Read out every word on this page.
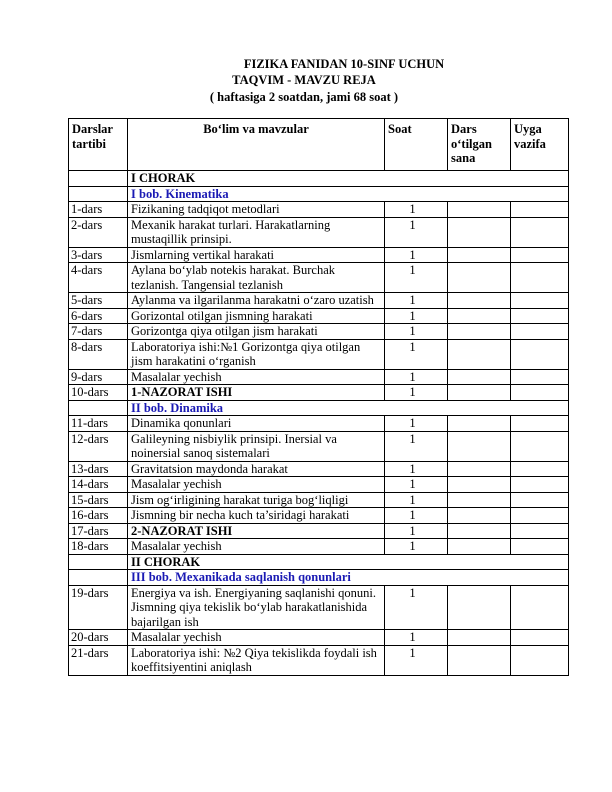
FIZIKA FANIDAN 10-SINF UCHUN
TAQVIM - MAVZU REJA
( haftasiga 2 soatdan, jami 68 soat )
Darslar tartibi	Bo‘lim va mavzular	Soat	Dars o‘tilgan sana	Uyga vazifa
	I CHORAK			
	I bob. Kinematika			
1-dars	Fizikaning tadqiqot metodlari	1		
2-dars	Mexanik harakat turlari. Harakatlarning mustaqillik prinsipi.	1		
3-dars	Jismlarning vertikal harakati	1		
4-dars	Aylana bo‘ylab notekis harakat. Burchak tezlanish. Tangensial tezlanish	1		
5-dars	Aylanma va ilgarilanma harakatni o‘zaro uzatish	1		
6-dars	Gorizontal otilgan jismning harakati	1		
7-dars	Gorizontga qiya otilgan jism harakati	1		
8-dars	Laboratoriya ishi:№1 Gorizontga qiya otilgan jism harakatini o‘rganish	1		
9-dars	Masalalar yechish	1		
10-dars	1-NAZORAT ISHI	1		
	II bob. Dinamika			
11-dars	Dinamika qonunlari	1		
12-dars	Galileyning nisbiylik prinsipi. Inersial va noinersial sanoq sistemalari	1		
13-dars	Gravitatsion maydonda harakat	1		
14-dars	Masalalar yechish	1		
15-dars	Jism og‘irligining harakat turiga bog‘liqligi	1		
16-dars	Jismning bir necha kuch ta’siridagi harakati	1		
17-dars	2-NAZORAT ISHI	1		
18-dars	Masalalar yechish	1		
	II CHORAK			
	III bob. Mexanikada saqlanish qonunlari			
19-dars	Energiya va ish. Energiyaning saqlanishi qonuni. Jismning qiya tekislik bo‘ylab harakatlanishida bajarilgan ish	1		
20-dars	Masalalar yechish	1		
21-dars	Laboratoriya ishi: №2 Qiya tekislikda foydali ish koeffitsiyentini aniqlash	1		
